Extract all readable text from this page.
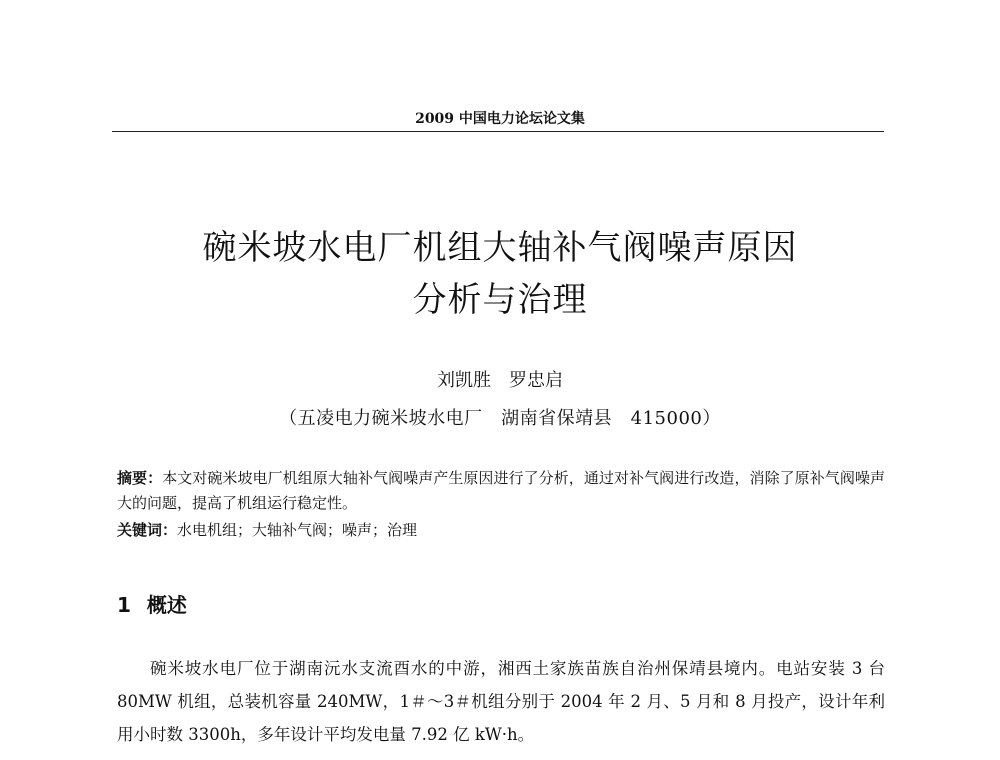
2009 中国电力论坛论文集
碗米坡水电厂机组大轴补气阀噪声原因
分析与治理
刘凯胜　罗忠启
（五凌电力碗米坡水电厂　湖南省保靖县　415000）
摘要：本文对碗米坡电厂机组原大轴补气阀噪声产生原因进行了分析，通过对补气阀进行改造，消除了原补气阀噪声大的问题，提高了机组运行稳定性。
关键词：水电机组；大轴补气阀；噪声；治理
1 概述

碗米坡水电厂位于湖南沅水支流酉水的中游，湘西土家族苗族自治州保靖县境内。电站安装 3 台 80MW 机组，总装机容量 240MW，1＃～3＃机组分别于 2004 年 2 月、5 月和 8 月投产，设计年利用小时数 3300h，多年设计平均发电量 7.92 亿 kW·h。
